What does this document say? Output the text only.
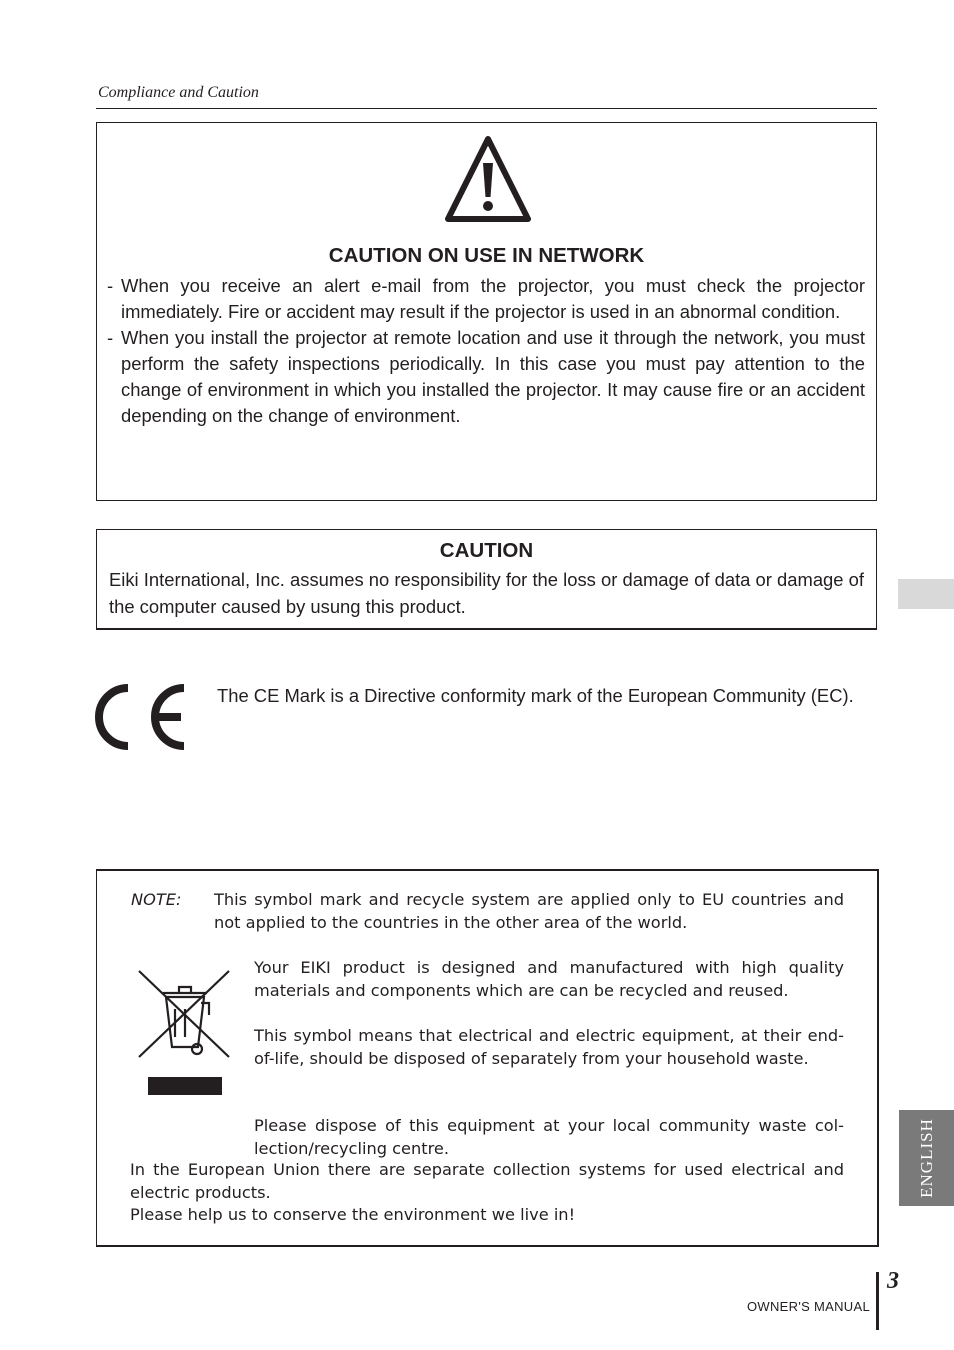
Compliance and Caution
CAUTION ON USE IN NETWORK

- When you receive an alert e-mail from the projector, you must check the projector immediately. Fire or accident may result if the projector is used in an abnormal condition.

- When you install the projector at remote location and use it through the network, you must perform the safety inspections periodically. In this case you must pay attention to the change of environment in which you installed the projector. It may cause fire or an accident depending on the change of environment.

CAUTION

Eiki International, Inc. assumes no responsibility for the loss or damage of data or damage of the computer caused by usung this product.

The CE Mark is a Directive conformity mark of the European Community (EC).

NOTE: This symbol mark and recycle system are applied only to EU countries and not applied to the countries in the other area of the world.

Your EIKI product is designed and manufactured with high quality materials and components which are can be recycled and reused.

This symbol means that electrical and electric equipment, at their end-of-life, should be disposed of separately from your household waste.

Please dispose of this equipment at your local community waste col-lection/recycling centre.

In the European Union there are separate collection systems for used electrical and electric products.

Please help us to conserve the environment we live in!

ENGLISH
OWNER'S MANUAL
3
